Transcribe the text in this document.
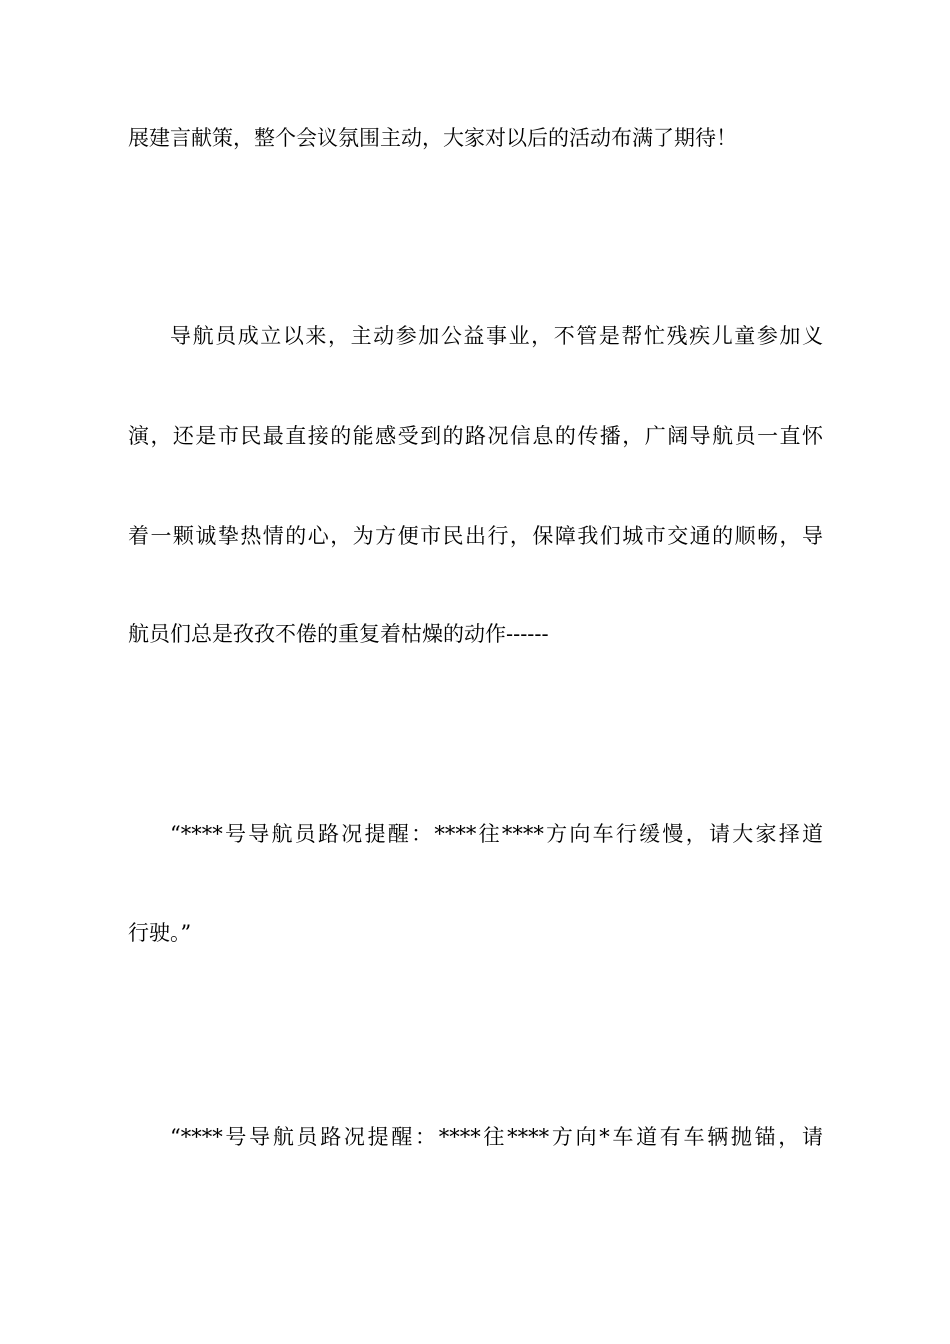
展建言献策，整个会议氛围主动，大家对以后的活动布满了期待！
导航员成立以来，主动参加公益事业，不管是帮忙残疾儿童参加义
演，还是市民最直接的能感受到的路况信息的传播，广阔导航员一直怀
着一颗诚挚热情的心，为方便市民出行，保障我们城市交通的顺畅，导
航员们总是孜孜不倦的重复着枯燥的动作------
“****号导航员路况提醒：****往****方向车行缓慢，请大家择道
行驶。”
“****号导航员路况提醒：****往****方向*车道有车辆抛锚，请
